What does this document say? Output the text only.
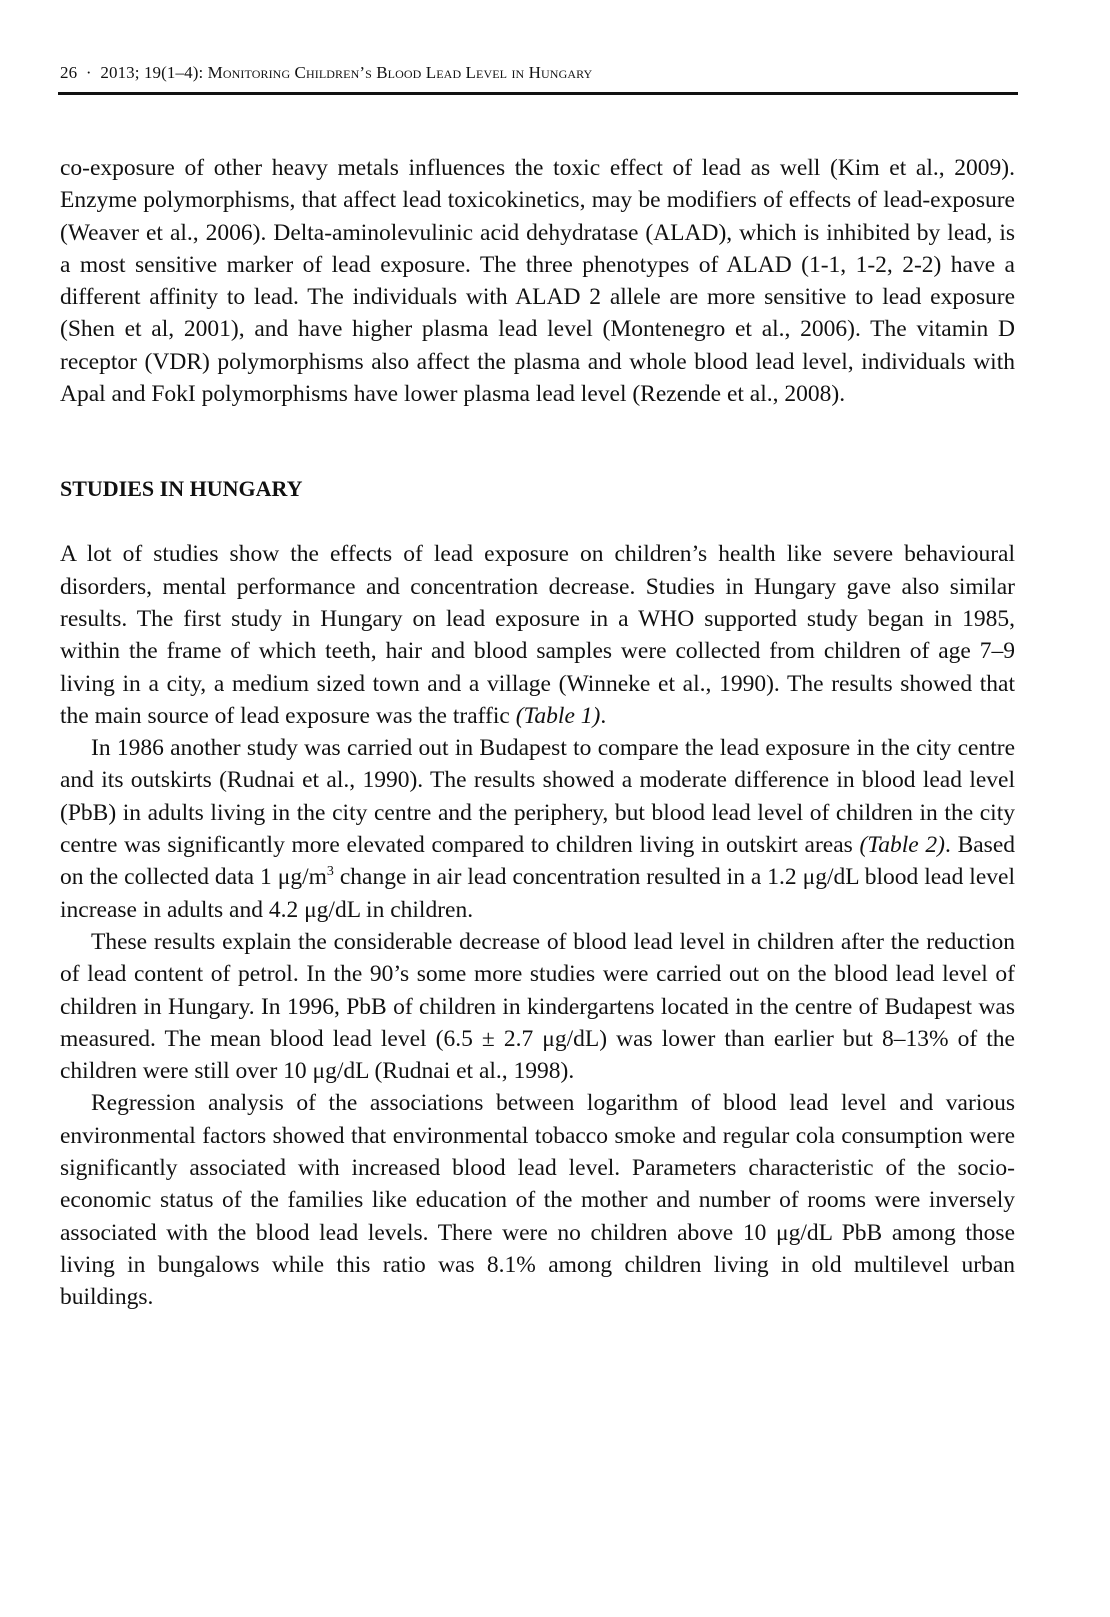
26 · 2013; 19(1–4): Monitoring Children’s Blood Lead Level in Hungary

co-exposure of other heavy metals influences the toxic effect of lead as well (Kim et al., 2009). Enzyme polymorphisms, that affect lead toxicokinetics, may be modifiers of effects of lead-exposure (Weaver et al., 2006). Delta-aminolevulinic acid dehydratase (ALAD), which is inhibited by lead, is a most sensitive marker of lead exposure. The three phenotypes of ALAD (1-1, 1-2, 2-2) have a different affinity to lead. The individuals with ALAD 2 allele are more sensitive to lead exposure (Shen et al, 2001), and have higher plasma lead level (Montenegro et al., 2006). The vitamin D receptor (VDR) polymorphisms also affect the plasma and whole blood lead level, individuals with Apal and FokI polymorphisms have lower plasma lead level (Rezende et al., 2008).

STUDIES IN HUNGARY

A lot of studies show the effects of lead exposure on children’s health like severe behavioural disorders, mental performance and concentration decrease. Studies in Hungary gave also similar results. The first study in Hungary on lead exposure in a WHO supported study began in 1985, within the frame of which teeth, hair and blood samples were collected from children of age 7–9 living in a city, a medium sized town and a village (Winneke et al., 1990). The results showed that the main source of lead exposure was the traffic (Table 1).

In 1986 another study was carried out in Budapest to compare the lead exposure in the city centre and its outskirts (Rudnai et al., 1990). The results showed a moderate difference in blood lead level (PbB) in adults living in the city centre and the periphery, but blood lead level of children in the city centre was significantly more elevated compared to children living in outskirt areas (Table 2). Based on the collected data 1 $\mu g/m^3$ change in air lead concentration resulted in a 1.2 μg/dL blood lead level increase in adults and 4.2 μg/dL in children.

These results explain the considerable decrease of blood lead level in children after the reduction of lead content of petrol. In the 90’s some more studies were carried out on the blood lead level of children in Hungary. In 1996, PbB of children in kindergartens located in the centre of Budapest was measured. The mean blood lead level (6.5 ± 2.7 μg/dL) was lower than earlier but 8–13% of the children were still over 10 μg/dL (Rudnai et al., 1998).

Regression analysis of the associations between logarithm of blood lead level and various environmental factors showed that environmental tobacco smoke and regular cola consumption were significantly associated with increased blood lead level. Parameters characteristic of the socio-economic status of the families like education of the mother and number of rooms were inversely associated with the blood lead levels. There were no children above 10 μg/dL PbB among those living in bungalows while this ratio was 8.1% among children living in old multilevel urban buildings.
